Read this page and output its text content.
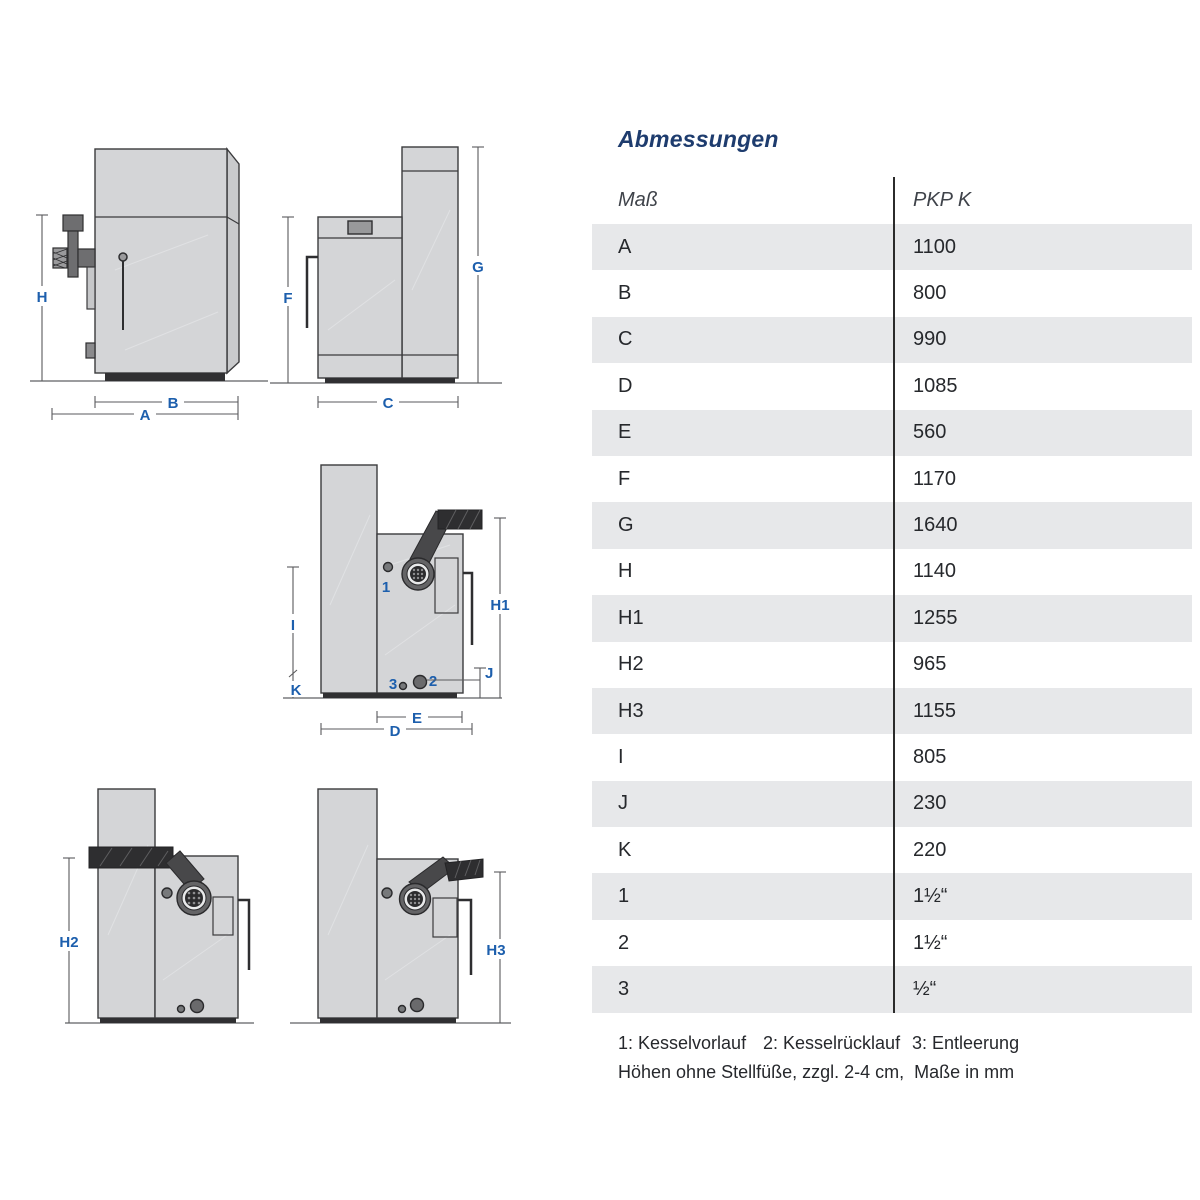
H
B
A
F
G
C
1
3 2	J
H1
I
K
E
D
H2	H3
Abmessungen
Maß	PKP K
A	1100
B	800
C	990
D	1085
E	560
F	1170
G	1640
H	1140
H1	1255
H2	965
H3	1155
I	805
J	230
K	220
1	1½“
2	1½“
3	½“
1: Kesselvorlauf 2: Kesselrücklauf 3: Entleerung
Höhen ohne Stellfüße, zzgl. 2-4 cm,  Maße in mm
